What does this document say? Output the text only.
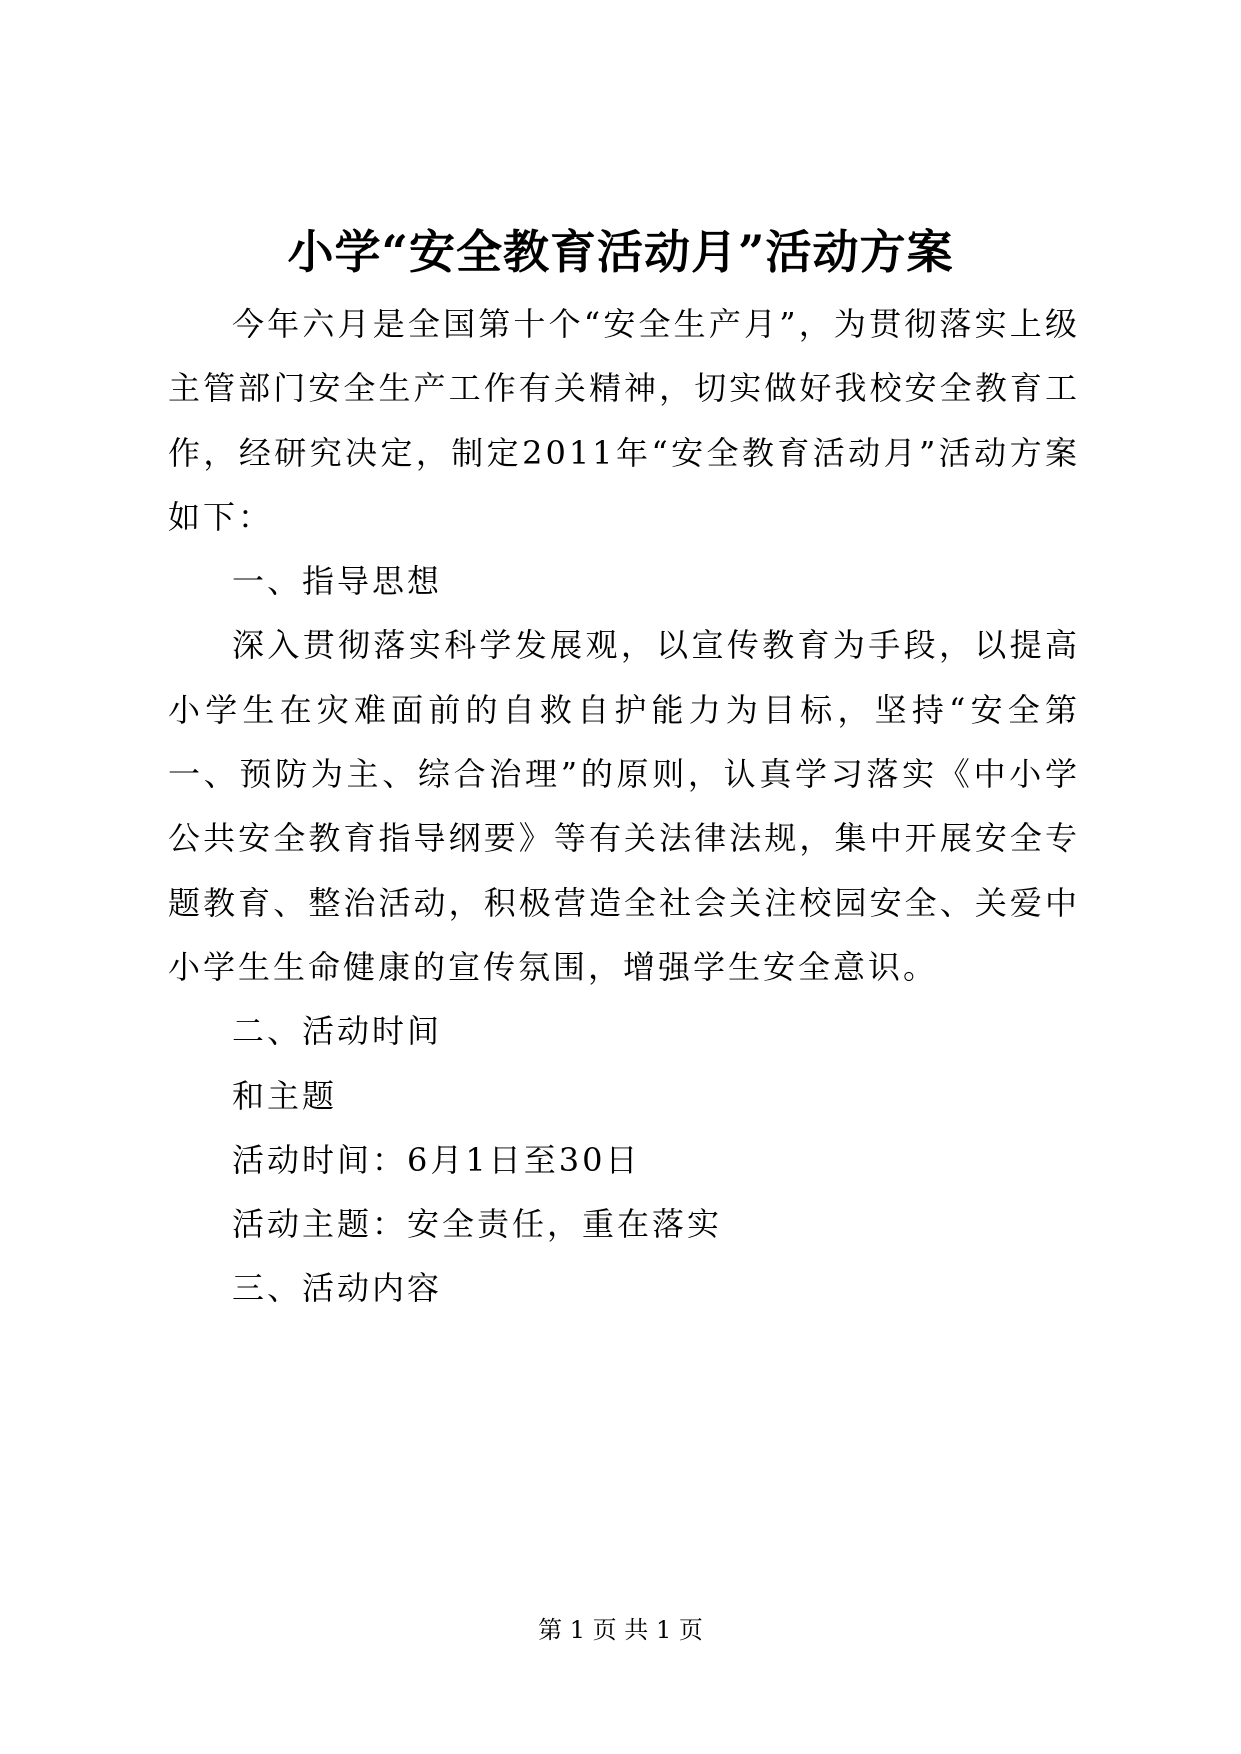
小学“安全教育活动月”活动方案

今年六月是全国第十个“安全生产月”，为贯彻落实上级主管部门安全生产工作有关精神，切实做好我校安全教育工作，经研究决定，制定2011年“安全教育活动月”活动方案如下：

一、指导思想

深入贯彻落实科学发展观，以宣传教育为手段，以提高小学生在灾难面前的自救自护能力为目标，坚持“安全第一、预防为主、综合治理”的原则，认真学习落实《中小学公共安全教育指导纲要》等有关法律法规，集中开展安全专题教育、整治活动，积极营造全社会关注校园安全、关爱中小学生生命健康的宣传氛围，增强学生安全意识。

二、活动时间

和主题

活动时间：6月1日至30日

活动主题：安全责任，重在落实

三、活动内容

第 1 页 共 1 页
